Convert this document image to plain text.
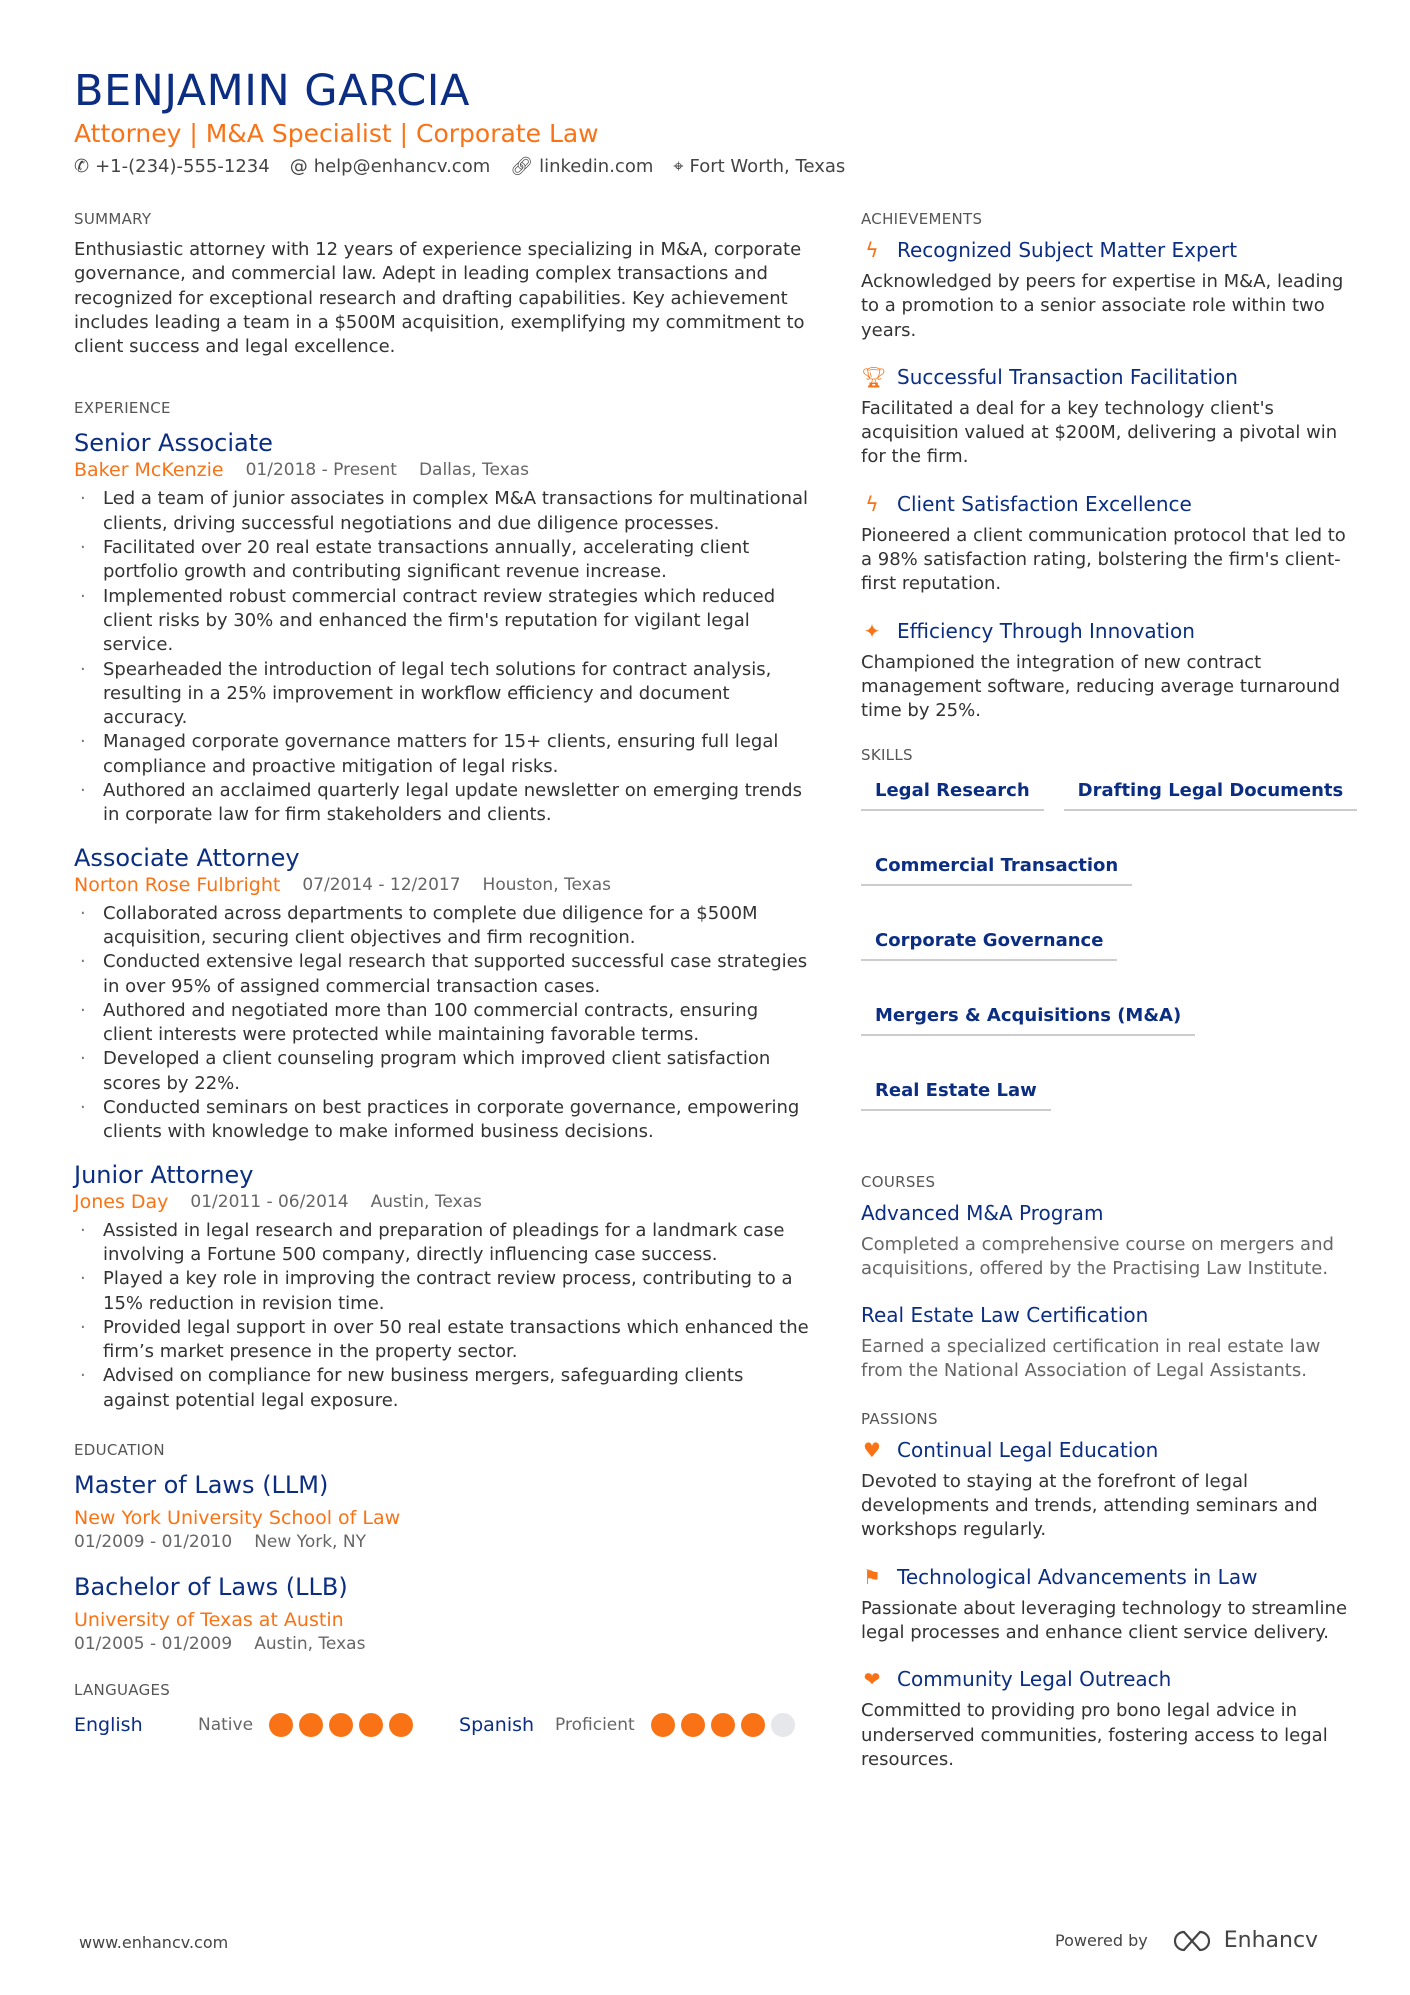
BENJAMIN GARCIA
Attorney | M&A Specialist | Corporate Law
✆ +1-(234)-555-1234 @ help@enhancv.com 🔗︎ linkedin.com ⌖ Fort Worth, Texas
SUMMARY
Enthusiastic attorney with 12 years of experience specializing in M&A, corporate governance, and commercial law. Adept in leading complex transactions and recognized for exceptional research and drafting capabilities. Key achievement includes leading a team in a $500M acquisition, exemplifying my commitment to client success and legal excellence.
EXPERIENCE
Senior Associate
Baker McKenzie 01/2018 - Present Dallas, Texas
· Led a team of junior associates in complex M&A transactions for multinational clients, driving successful negotiations and due diligence processes.
· Facilitated over 20 real estate transactions annually, accelerating client portfolio growth and contributing significant revenue increase.
· Implemented robust commercial contract review strategies which reduced client risks by 30% and enhanced the firm's reputation for vigilant legal service.
· Spearheaded the introduction of legal tech solutions for contract analysis, resulting in a 25% improvement in workflow efficiency and document accuracy.
· Managed corporate governance matters for 15+ clients, ensuring full legal compliance and proactive mitigation of legal risks.
· Authored an acclaimed quarterly legal update newsletter on emerging trends in corporate law for firm stakeholders and clients.
Associate Attorney
Norton Rose Fulbright 07/2014 - 12/2017 Houston, Texas
· Collaborated across departments to complete due diligence for a $500M acquisition, securing client objectives and firm recognition.
· Conducted extensive legal research that supported successful case strategies in over 95% of assigned commercial transaction cases.
· Authored and negotiated more than 100 commercial contracts, ensuring client interests were protected while maintaining favorable terms.
· Developed a client counseling program which improved client satisfaction scores by 22%.
· Conducted seminars on best practices in corporate governance, empowering clients with knowledge to make informed business decisions.
Junior Attorney
Jones Day 01/2011 - 06/2014 Austin, Texas
· Assisted in legal research and preparation of pleadings for a landmark case involving a Fortune 500 company, directly influencing case success.
· Played a key role in improving the contract review process, contributing to a 15% reduction in revision time.
· Provided legal support in over 50 real estate transactions which enhanced the firm’s market presence in the property sector.
· Advised on compliance for new business mergers, safeguarding clients against potential legal exposure.
EDUCATION
Master of Laws (LLM)
New York University School of Law
01/2009 - 01/2010 New York, NY
Bachelor of Laws (LLB)
University of Texas at Austin
01/2005 - 01/2009 Austin, Texas
LANGUAGES
English	Native	Spanish	Proficient
ACHIEVEMENTS
ϟ Recognized Subject Matter Expert
Acknowledged by peers for expertise in M&A, leading to a promotion to a senior associate role within two years.
🏆︎ Successful Transaction Facilitation
Facilitated a deal for a key technology client's acquisition valued at $200M, delivering a pivotal win for the firm.
ϟ Client Satisfaction Excellence
Pioneered a client communication protocol that led to a 98% satisfaction rating, bolstering the firm's client-first reputation.
✦ Efficiency Through Innovation
Championed the integration of new contract management software, reducing average turnaround time by 25%.
SKILLS
Legal Research	Drafting Legal Documents
Commercial Transaction
Corporate Governance
Mergers & Acquisitions (M&A)
Real Estate Law
COURSES
Advanced M&A Program
Completed a comprehensive course on mergers and acquisitions, offered by the Practising Law Institute.
Real Estate Law Certification
Earned a specialized certification in real estate law from the National Association of Legal Assistants.
PASSIONS
♥ Continual Legal Education
Devoted to staying at the forefront of legal developments and trends, attending seminars and workshops regularly.
⚑ Technological Advancements in Law
Passionate about leveraging technology to streamline legal processes and enhance client service delivery.
❤ Community Legal Outreach
Committed to providing pro bono legal advice in underserved communities, fostering access to legal resources.
www.enhancv.com	Powered by	Enhancv
